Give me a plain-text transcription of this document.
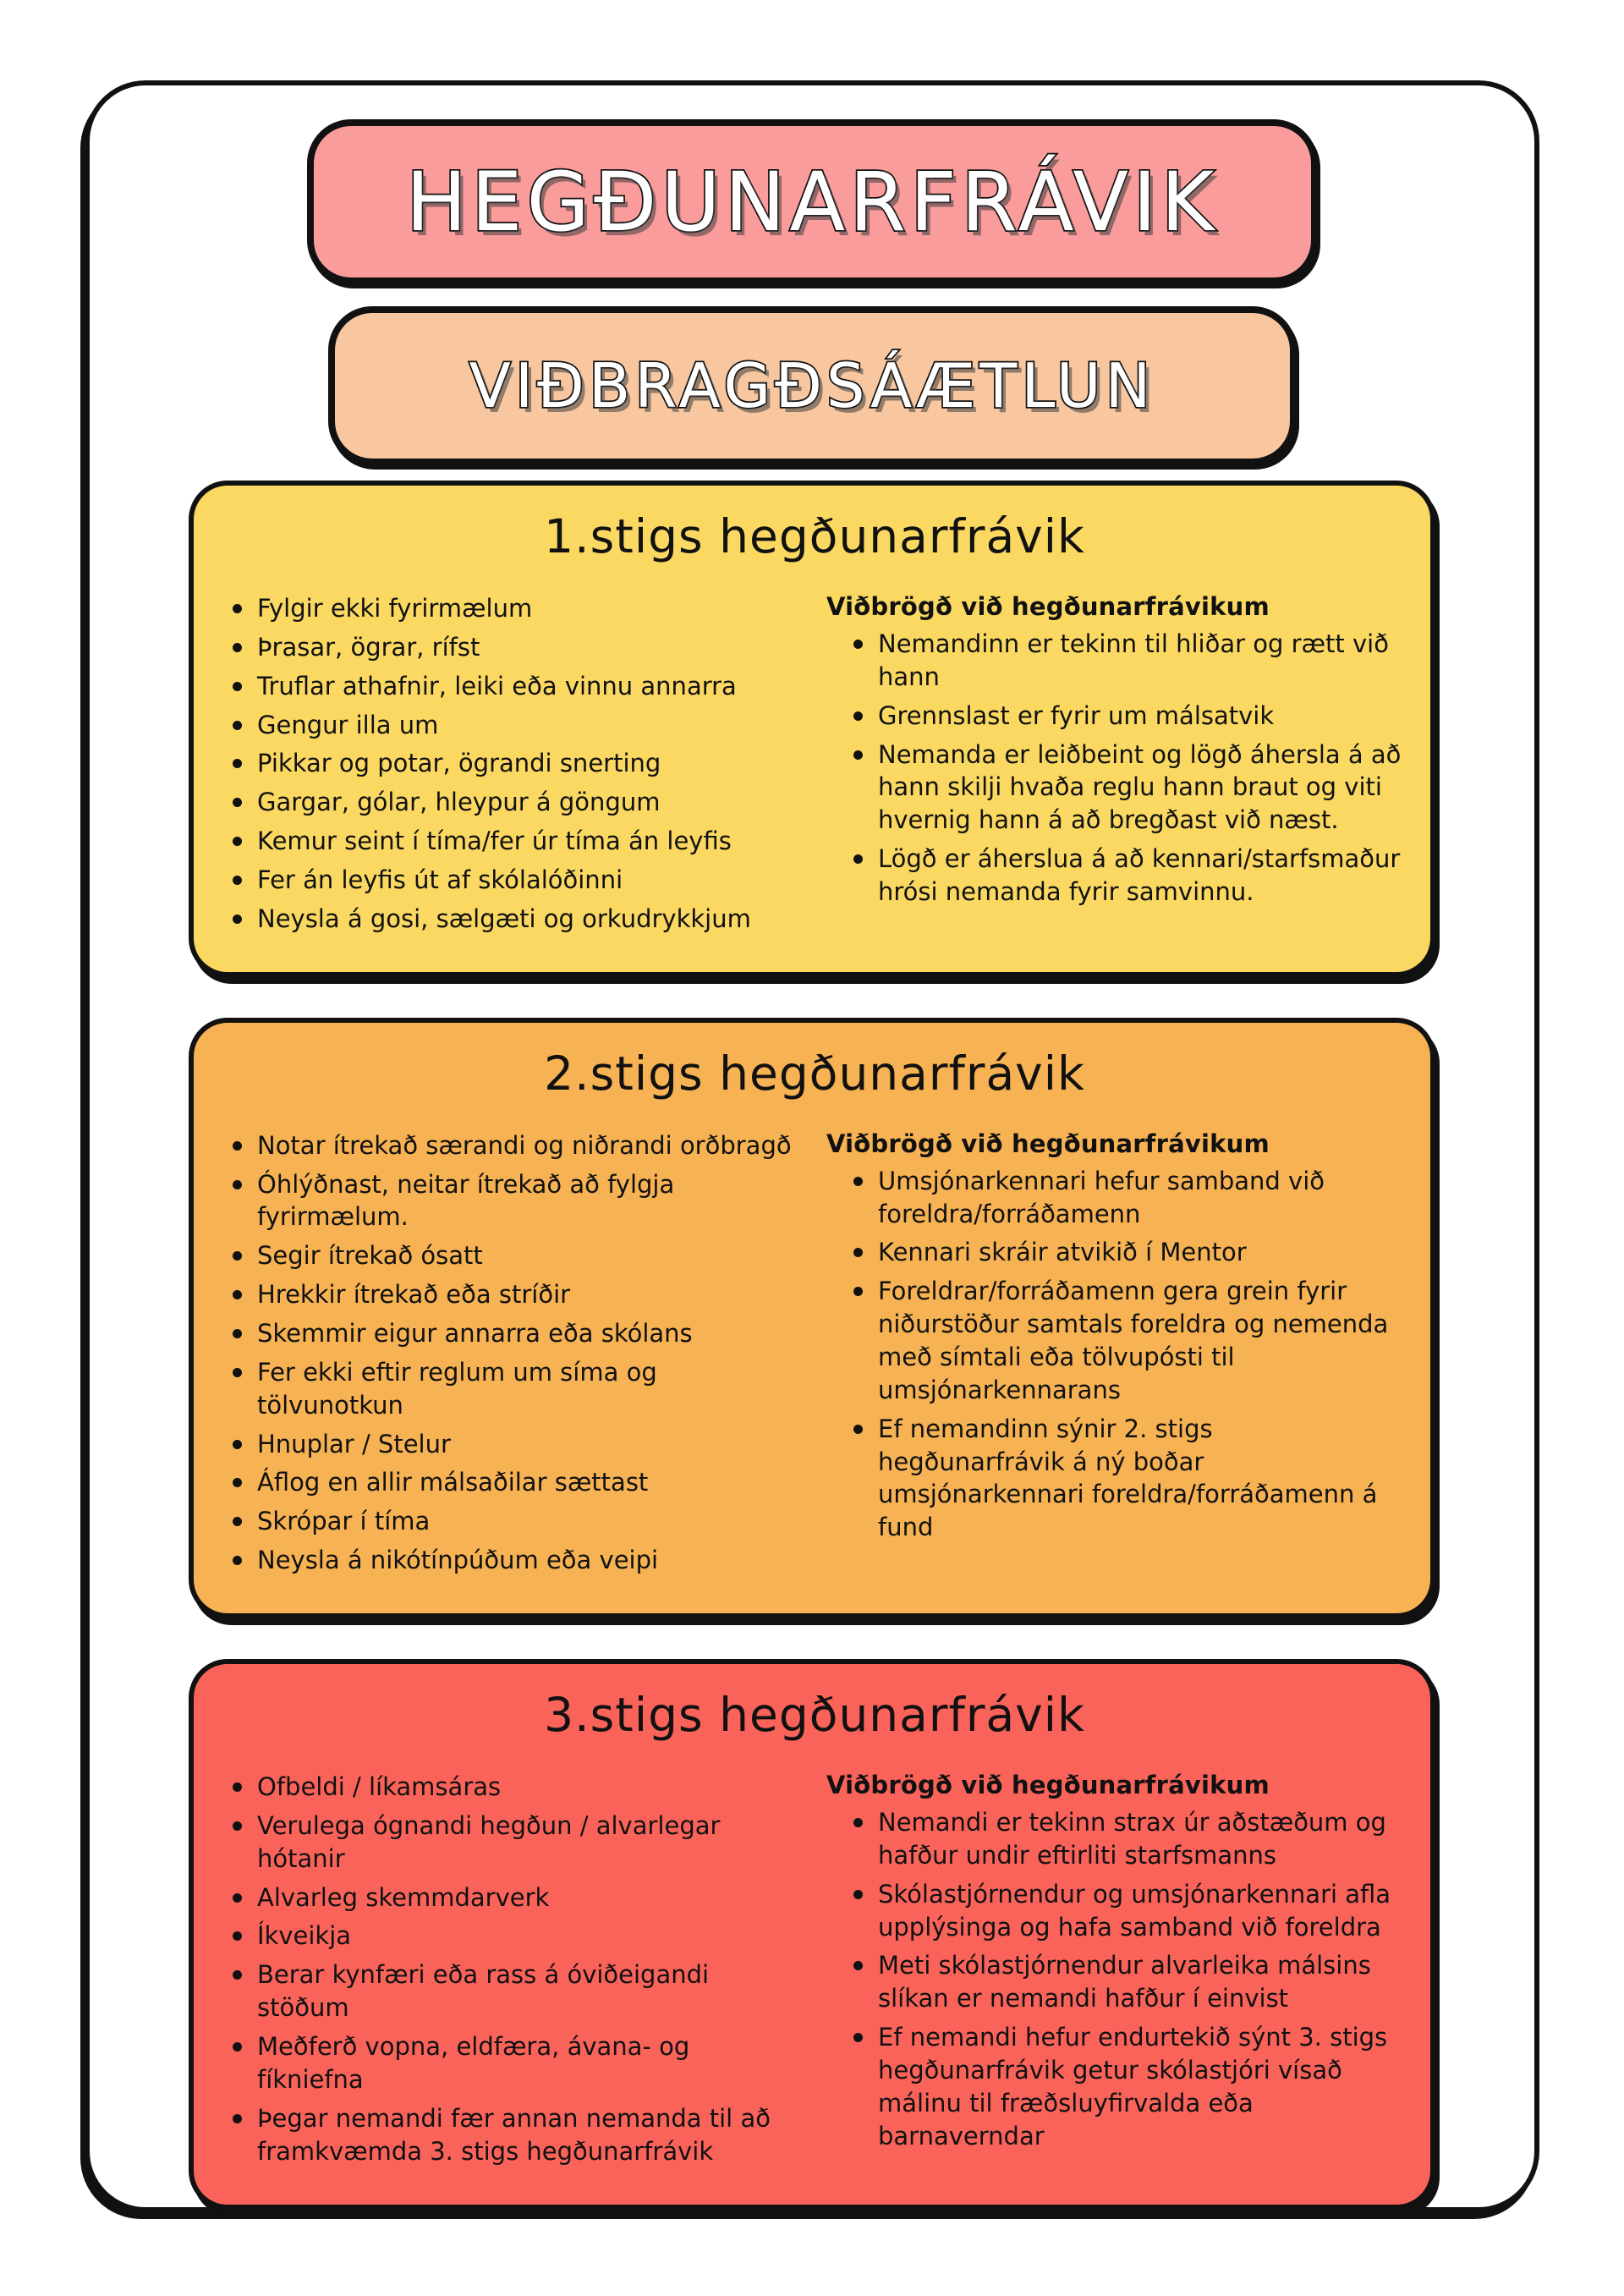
HEGÐUNARFRÁVIK
VIÐBRAGÐSÁÆTLUN
1.stigs hegðunarfrávik
Fylgir ekki fyrirmælum
Þrasar, ögrar, rífst
Truflar athafnir, leiki eða vinnu annarra
Gengur illa um
Pikkar og potar, ögrandi snerting
Gargar, gólar, hleypur á göngum
Kemur seint í tíma/fer úr tíma án leyfis
Fer án leyfis út af skólalóðinni
Neysla á gosi, sælgæti og orkudrykkjum
Viðbrögð við hegðunarfrávikum
Nemandinn er tekinn til hliðar og rætt við hann
Grennslast er fyrir um málsatvik
Nemanda er leiðbeint og lögð áhersla á að hann skilji hvaða reglu hann braut og viti hvernig hann á að bregðast við næst.
Lögð er áherslua á að kennari/starfsmaður hrósi nemanda fyrir samvinnu.
2.stigs hegðunarfrávik
Notar ítrekað særandi og niðrandi orðbragð
Óhlýðnast, neitar ítrekað að fylgja fyrirmælum.
Segir ítrekað ósatt
Hrekkir ítrekað eða stríðir
Skemmir eigur annarra eða skólans
Fer ekki eftir reglum um síma og tölvunotkun
Hnuplar / Stelur
Áflog en allir málsaðilar sættast
Skrópar í tíma
Neysla á nikótínpúðum eða veipi
Viðbrögð við hegðunarfrávikum
Umsjónarkennari hefur samband við foreldra/forráðamenn
Kennari skráir atvikið í Mentor
Foreldrar/forráðamenn gera grein fyrir niðurstöður samtals foreldra og nemenda með símtali eða tölvupósti til umsjónarkennarans
Ef nemandinn sýnir 2. stigs hegðunarfrávik á ný boðar umsjónarkennari foreldra/forráðamenn á fund
3.stigs hegðunarfrávik
Ofbeldi / líkamsáras
Verulega ógnandi hegðun / alvarlegar hótanir
Alvarleg skemmdarverk
Íkveikja
Berar kynfæri eða rass á óviðeigandi stöðum
Meðferð vopna, eldfæra, ávana- og fíkniefna
Þegar nemandi fær annan nemanda til að framkvæmda 3. stigs hegðunarfrávik
Viðbrögð við hegðunarfrávikum
Nemandi er tekinn strax úr aðstæðum og hafður undir eftirliti starfsmanns
Skólastjórnendur og umsjónarkennari afla upplýsinga og hafa samband við foreldra
Meti skólastjórnendur alvarleika málsins slíkan er nemandi hafður í einvist
Ef nemandi hefur endurtekið sýnt 3. stigs hegðunarfrávik getur skólastjóri vísað málinu til fræðsluyfirvalda eða barnaverndar
